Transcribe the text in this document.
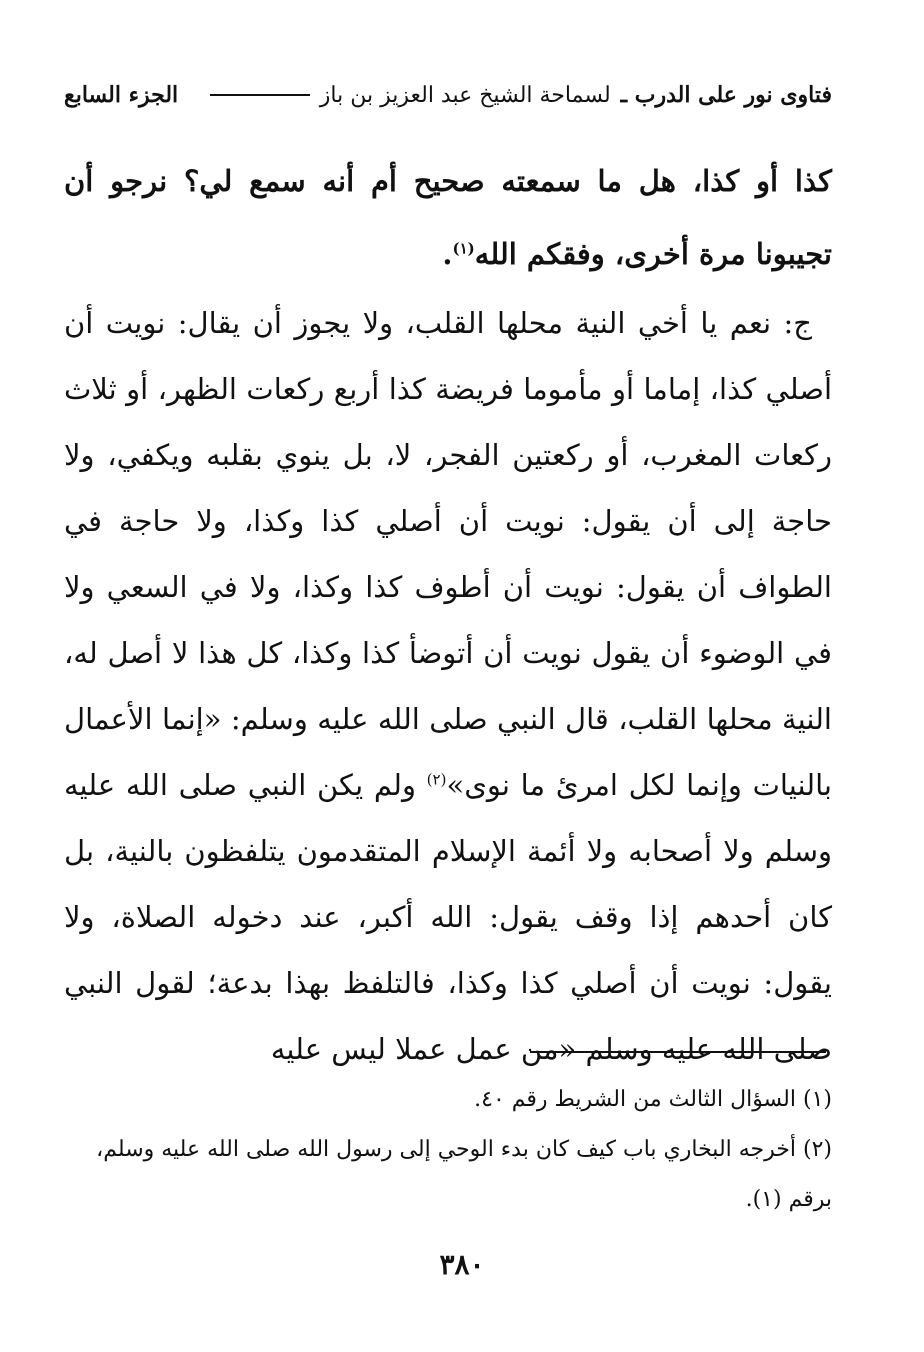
فتاوى نور على الدرب ـ
لسماحة الشيخ عبد العزيز بن باز
الجزء السابع
كذا أو كذا، هل ما سمعته صحيح أم أنه سمع لي؟ نرجو أن تجيبونا مرة أخرى، وفقكم الله$^{(١)}$.

ج: نعم يا أخي النية محلها القلب، ولا يجوز أن يقال: نويت أن أصلي كذا، إماما أو مأموما فريضة كذا أربع ركعات الظهر، أو ثلاث ركعات المغرب، أو ركعتين الفجر، لا، بل ينوي بقلبه ويكفي، ولا حاجة إلى أن يقول: نويت أن أصلي كذا وكذا، ولا حاجة في الطواف أن يقول: نويت أن أطوف كذا وكذا، ولا في السعي ولا في الوضوء أن يقول نويت أن أتوضأ كذا وكذا، كل هذا لا أصل له، النية محلها القلب، قال النبي صلى الله عليه وسلم: «إنما الأعمال بالنيات وإنما لكل امرئ ما نوى»$^{(٢)}$ ولم يكن النبي صلى الله عليه وسلم ولا أصحابه ولا أئمة الإسلام المتقدمون يتلفظون بالنية، بل كان أحدهم إذا وقف يقول: الله أكبر، عند دخوله الصلاة، ولا يقول: نويت أن أصلي كذا وكذا، فالتلفظ بهذا بدعة؛ لقول النبي صلى الله عليه وسلم «من عمل عملا ليس عليه

(١) السؤال الثالث من الشريط رقم ٤٠.

(٢) أخرجه البخاري باب كيف كان بدء الوحي إلى رسول الله صلى الله عليه وسلم، برقم (١).

٣٨٠
